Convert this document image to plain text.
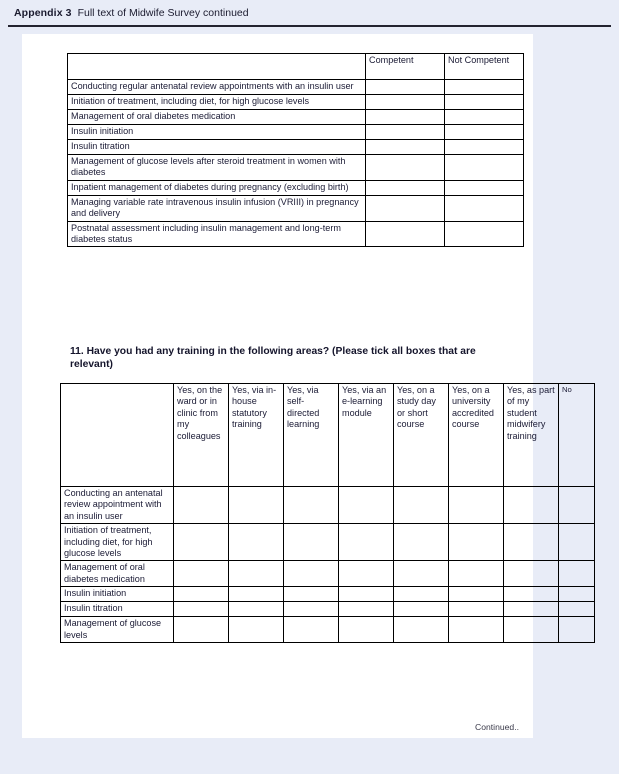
Appendix 3 Full text of Midwife Survey continued
	Competent	Not Competent
Conducting regular antenatal review appointments with an insulin user		
Initiation of treatment, including diet, for high glucose levels		
Management of oral diabetes medication		
Insulin initiation		
Insulin titration		
Management of glucose levels after steroid treatment in women with diabetes		
Inpatient management of diabetes during pregnancy (excluding birth)		
Managing variable rate intravenous insulin infusion (VRIII) in pregnancy and delivery		
Postnatal assessment including insulin management and long-term diabetes status		
11. Have you had any training in the following areas? (Please tick all boxes that are relevant)
	Yes, on the ward or in clinic from my colleagues	Yes, via in-house statutory training	Yes, via self-directed learning	Yes, via an e-learning module	Yes, on a study day or short course	Yes, on a university accredited course	Yes, as part of my student midwifery training	No
Conducting an antenatal review appointment with an insulin user								
Initiation of treatment, including diet, for high glucose levels								
Management of oral diabetes medication								
Insulin initiation								
Insulin titration								
Management of glucose levels								
Continued..
